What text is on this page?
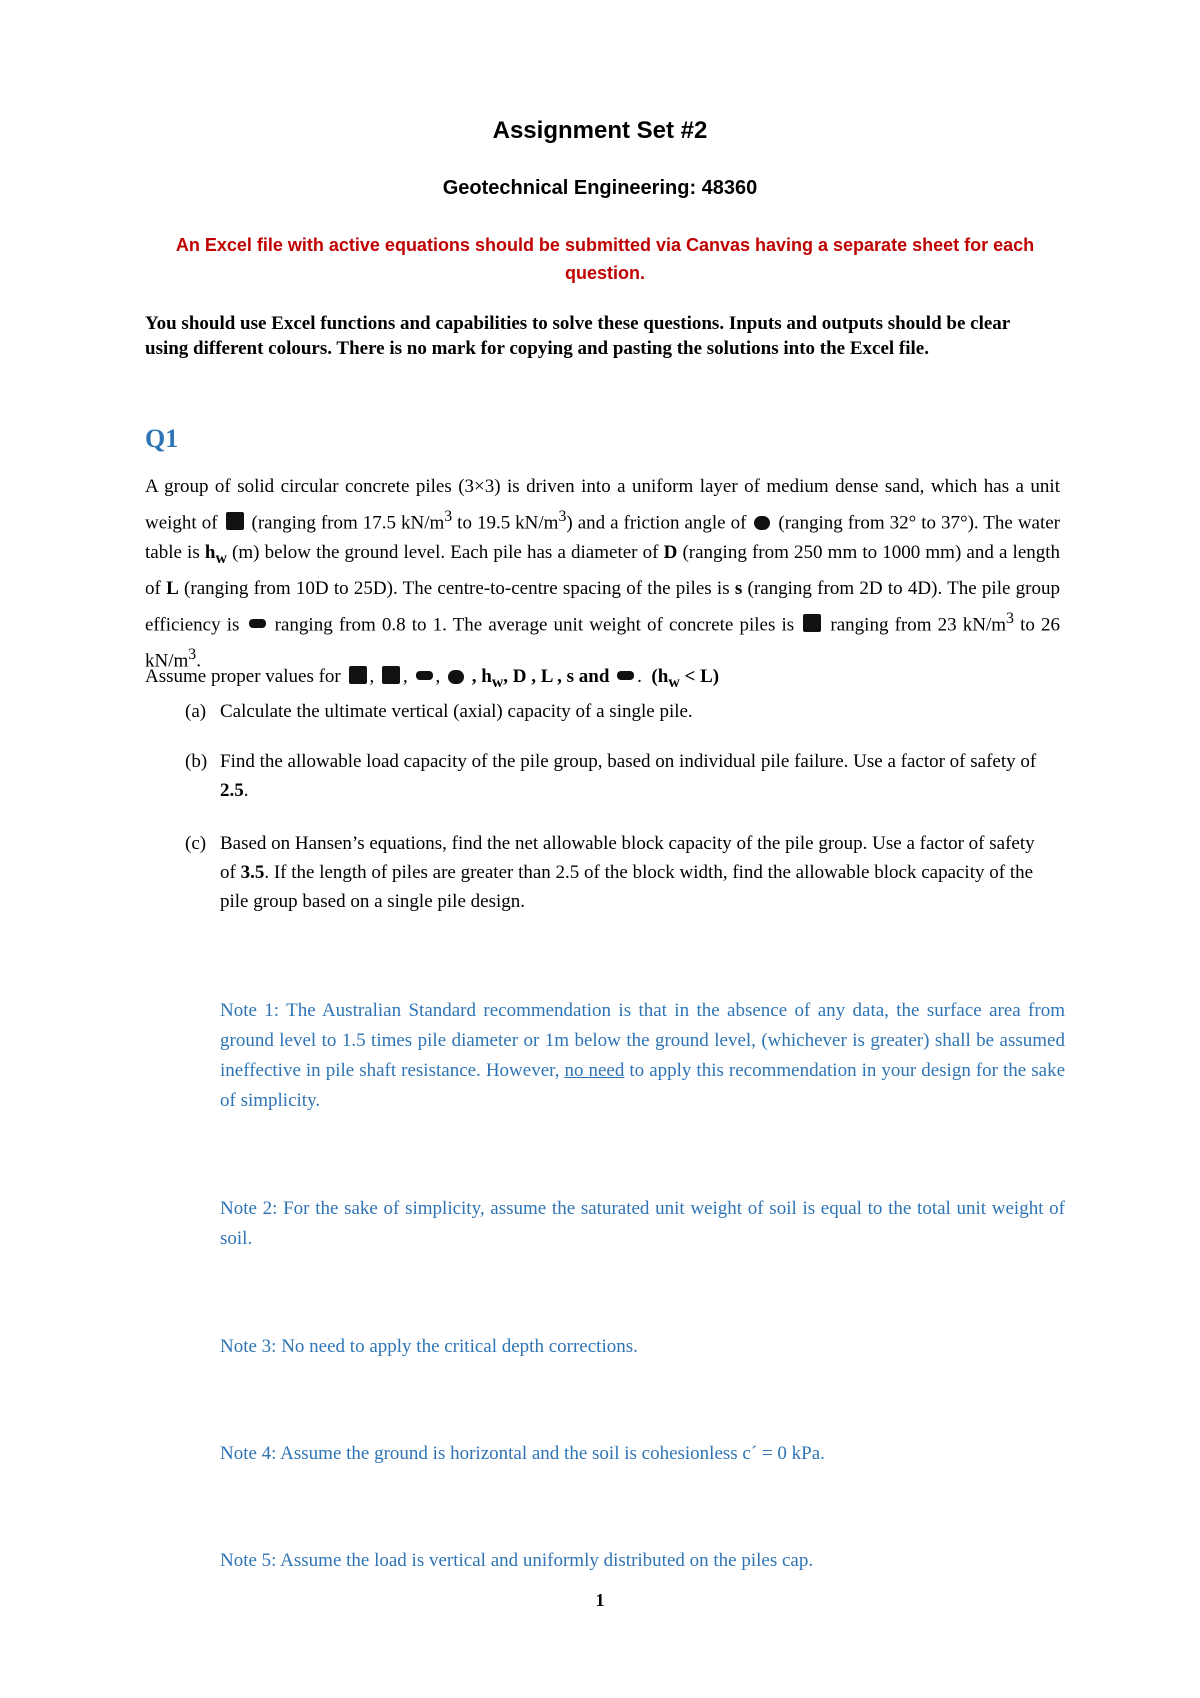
Assignment Set #2
Geotechnical Engineering: 48360
An Excel file with active equations should be submitted via Canvas having a separate sheet for each question.
You should use Excel functions and capabilities to solve these questions. Inputs and outputs should be clear using different colours. There is no mark for copying and pasting the solutions into the Excel file.
Q1
A group of solid circular concrete piles (3×3) is driven into a uniform layer of medium dense sand, which has a unit weight of (ranging from 17.5 $kN/m^3$ to 19.5 $kN/m^3$) and a friction angle of (ranging from 32° to 37°). The water table is $h_w$ (m) below the ground level. Each pile has a diameter of D (ranging from 250 mm to 1000 mm) and a length of L (ranging from 10D to 25D). The centre-to-centre spacing of the piles is s (ranging from 2D to 4D). The pile group efficiency is ranging from 0.8 to 1. The average unit weight of concrete piles is ranging from 23 $kN/m^3$ to 26 $kN/m^3$.
Assume proper values for , , ,  , $h_w$, D , L , s and .  $(h_w < L)$
(a) Calculate the ultimate vertical (axial) capacity of a single pile.
(b) Find the allowable load capacity of the pile group, based on individual pile failure. Use a factor of safety of 2.5.
(c) Based on Hansen’s equations, find the net allowable block capacity of the pile group. Use a factor of safety of 3.5. If the length of piles are greater than 2.5 of the block width, find the allowable block capacity of the pile group based on a single pile design.
Note 1: The Australian Standard recommendation is that in the absence of any data, the surface area from ground level to 1.5 times pile diameter or 1m below the ground level, (whichever is greater) shall be assumed ineffective in pile shaft resistance. However, no need to apply this recommendation in your design for the sake of simplicity.
Note 2: For the sake of simplicity, assume the saturated unit weight of soil is equal to the total unit weight of soil.
Note 3: No need to apply the critical depth corrections.
Note 4: Assume the ground is horizontal and the soil is cohesionless c´ = 0 kPa.
Note 5: Assume the load is vertical and uniformly distributed on the piles cap.
1
